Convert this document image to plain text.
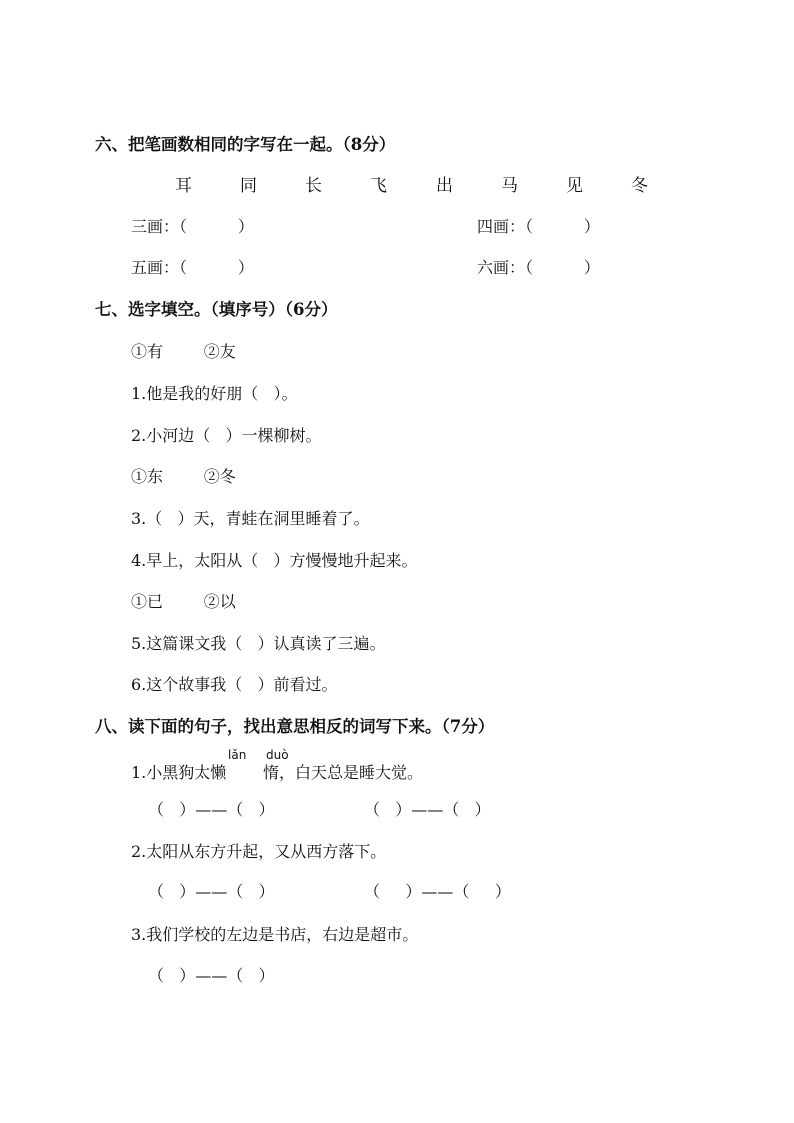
六、把笔画数相同的字写在一起。（8分）
耳	同	长	飞	出	马	见	冬
三画：（          ）	四画：（          ）
五画：（          ）	六画：（          ）
七、选字填空。（填序号）（6分）
①有        ②友
1.他是我的好朋（   ）。
2.小河边（   ）一棵柳树。
①东        ②冬
3.（   ）天，青蛙在洞里睡着了。
4.早上，太阳从（   ）方慢慢地升起来。
①已        ②以
5.这篇课文我（   ）认真读了三遍。
6.这个故事我（   ）前看过。
八、读下面的句子，找出意思相反的词写下来。（7分）
lǎn duò
1.小黑狗太懒 惰，白天总是睡大觉。
（   ）——（   ）	（   ）——（   ）
2.太阳从东方升起，又从西方落下。
（   ）——（   ）	（     ）——（     ）
3.我们学校的左边是书店，右边是超市。
（   ）——（   ）
